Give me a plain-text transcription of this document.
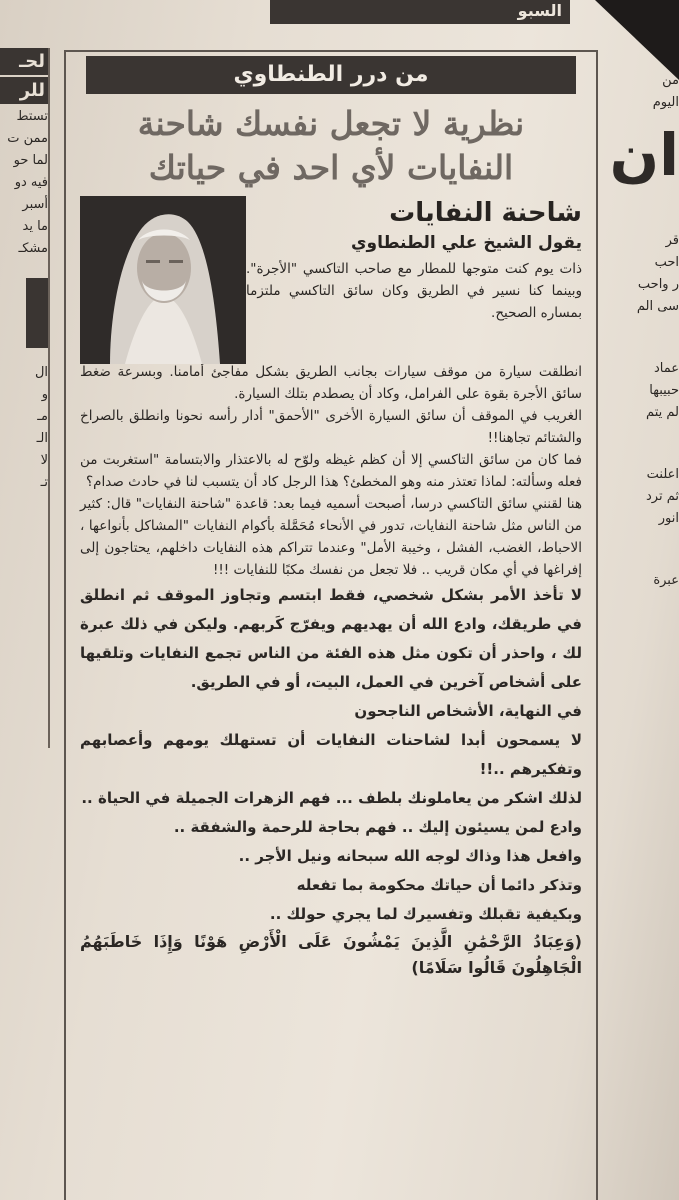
السبو
لحـ
للر

تستط

ممن ت

لما حو

فيه دو

أسبر

ما يد

مشكـ

ال

و

مـ

الـ

لا

تـ

من

اليوم

ان

قر

احب

ر واحب

سى الم

عماد

حبيبها

لم يتم

اعلنت

ثم ترد

انور

عبرة

من درر الطنطاوي
نظرية لا تجعل نفسك شاحنة النفايات لأي احد في حياتك
شاحنة النفايات
يقول الشيخ علي الطنطاوي

ذات يوم كنت متوجها للمطار مع صاحب التاكسي "الأجرة". وبينما كنا نسير في الطريق وكان سائق التاكسي ملتزما بمساره الصحيح.

انطلقت سيارة من موقف سيارات بجانب الطريق بشكل مفاجئ أمامنا. وبسرعة ضغط سائق الأجرة بقوة على الفرامل، وكاد أن يصطدم بتلك السيارة.

الغريب في الموقف أن سائق السيارة الأخرى "الأحمق" أدار رأسه نحونا وانطلق بالصراخ والشتائم تجاهنا!!

فما كان من سائق التاكسي إلا أن كظم غيظه ولوّح له بالاعتذار والابتسامة "استغربت من فعله وسألته: لماذا تعتذر منه وهو المخطئ؟ هذا الرجل كاد أن يتسبب لنا في حادث صدام؟

هنا لقنني سائق التاكسي درسا، أصبحت أسميه فيما بعد: قاعدة "شاحنة النفايات" قال: كثير من الناس مثل شاحنة النفايات، تدور في الأنحاء مُحَمَّلة بأكوام النفايات "المشاكل بأنواعها ، الاحباط، الغضب، الفشل ، وخيبة الأمل" وعندما تتراكم هذه النفايات داخلهم، يحتاجون إلى إفراغها في أي مكان قريب .. فلا تجعل من نفسك مكبًا للنفايات !!!

لا تأخذ الأمر بشكل شخصي، فقط ابتسم وتجاوز الموقف ثم انطلق في طريقك، وادع الله أن يهديهم ويفرّج كَربهم. وليكن في ذلك عبرة لك ، واحذر أن تكون مثل هذه الفئة من الناس تجمع النفايات وتلقيها على أشخاص آخرين في العمل، البيت، أو في الطريق.

في النهاية، الأشخاص الناجحون

لا يسمحون أبدا لشاحنات النفايات أن تستهلك يومهم وأعصابهم وتفكيرهم ..!!

لذلك اشكر من يعاملونك بلطف ... فهم الزهرات الجميلة في الحياة ..

وادع لمن يسيئون إليك .. فهم بحاجة للرحمة والشفقة ..

وافعل هذا وذاك لوجه الله سبحانه ونيل الأجر ..

وتذكر دائما أن حياتك محكومة بما تفعله

وبكيفية تقبلك وتفسيرك لما يجري حولك ..

(وَعِبَادُ الرَّحْمَٰنِ الَّذِينَ يَمْشُونَ عَلَى الْأَرْضِ هَوْنًا وَإِذَا خَاطَبَهُمُ الْجَاهِلُونَ قَالُوا سَلَامًا)
